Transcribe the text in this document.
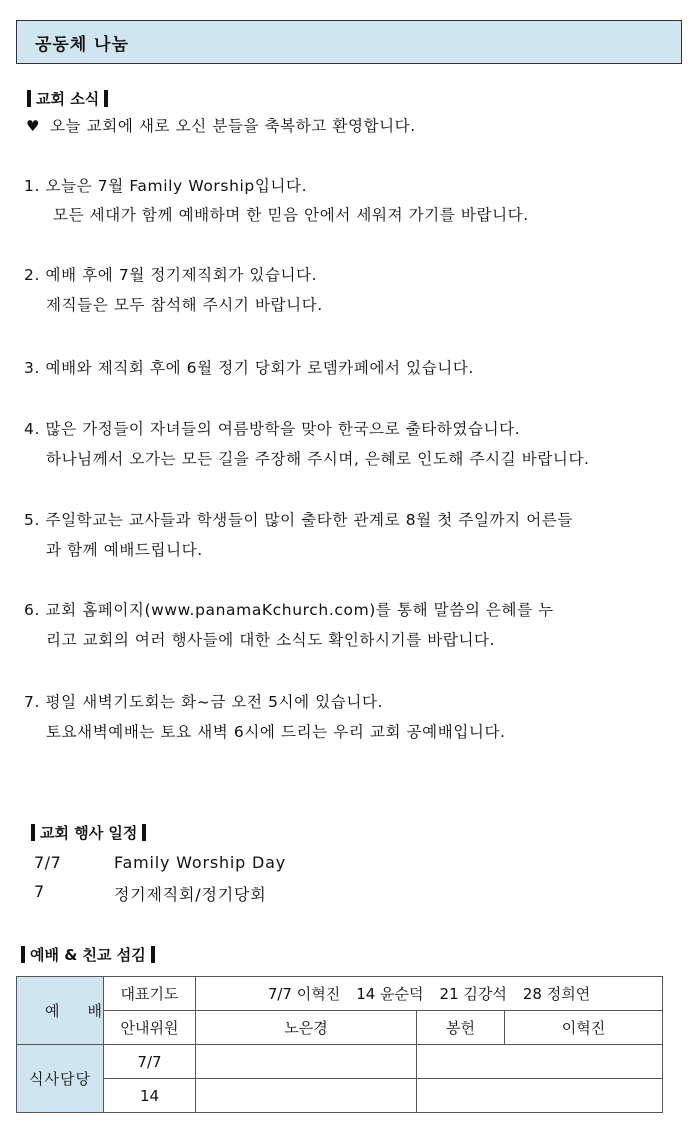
공동체 나눔
교회 소식
♥ 오늘 교회에 새로 오신 분들을 축복하고 환영합니다.
1. 오늘은 7월 Family Worship입니다.
모든 세대가 함께 예배하며 한 믿음 안에서 세워져 가기를 바랍니다.
2. 예배 후에 7월 정기제직회가 있습니다.
제직들은 모두 참석해 주시기 바랍니다.
3. 예배와 제직회 후에 6월 정기 당회가 로뎀카페에서 있습니다.
4. 많은 가정들이 자녀들의 여름방학을 맞아 한국으로 출타하였습니다.
하나님께서 오가는 모든 길을 주장해 주시며, 은혜로 인도해 주시길 바랍니다.
5. 주일학교는 교사들과 학생들이 많이 출타한 관계로 8월 첫 주일까지 어른들
과 함께 예배드립니다.
6. 교회 홈페이지(www.panamaKchurch.com)를 통해 말씀의 은혜를 누
리고 교회의 여러 행사들에 대한 소식도 확인하시기를 바랍니다.
7. 평일 새벽기도회는 화~금 오전 5시에 있습니다.
토요새벽예배는 토요 새벽 6시에 드리는 우리 교회 공예배입니다.
교회 행사 일정
7/7	Family Worship Day
7	정기제직회/정기당회
예배 & 친교 섬김
예배	대표기도	7/7 이혁진 14 윤순덕 21 김강석 28 정희연		
	안내위원	노은경	봉헌	이혁진
식사담당	7/7			
	14			
